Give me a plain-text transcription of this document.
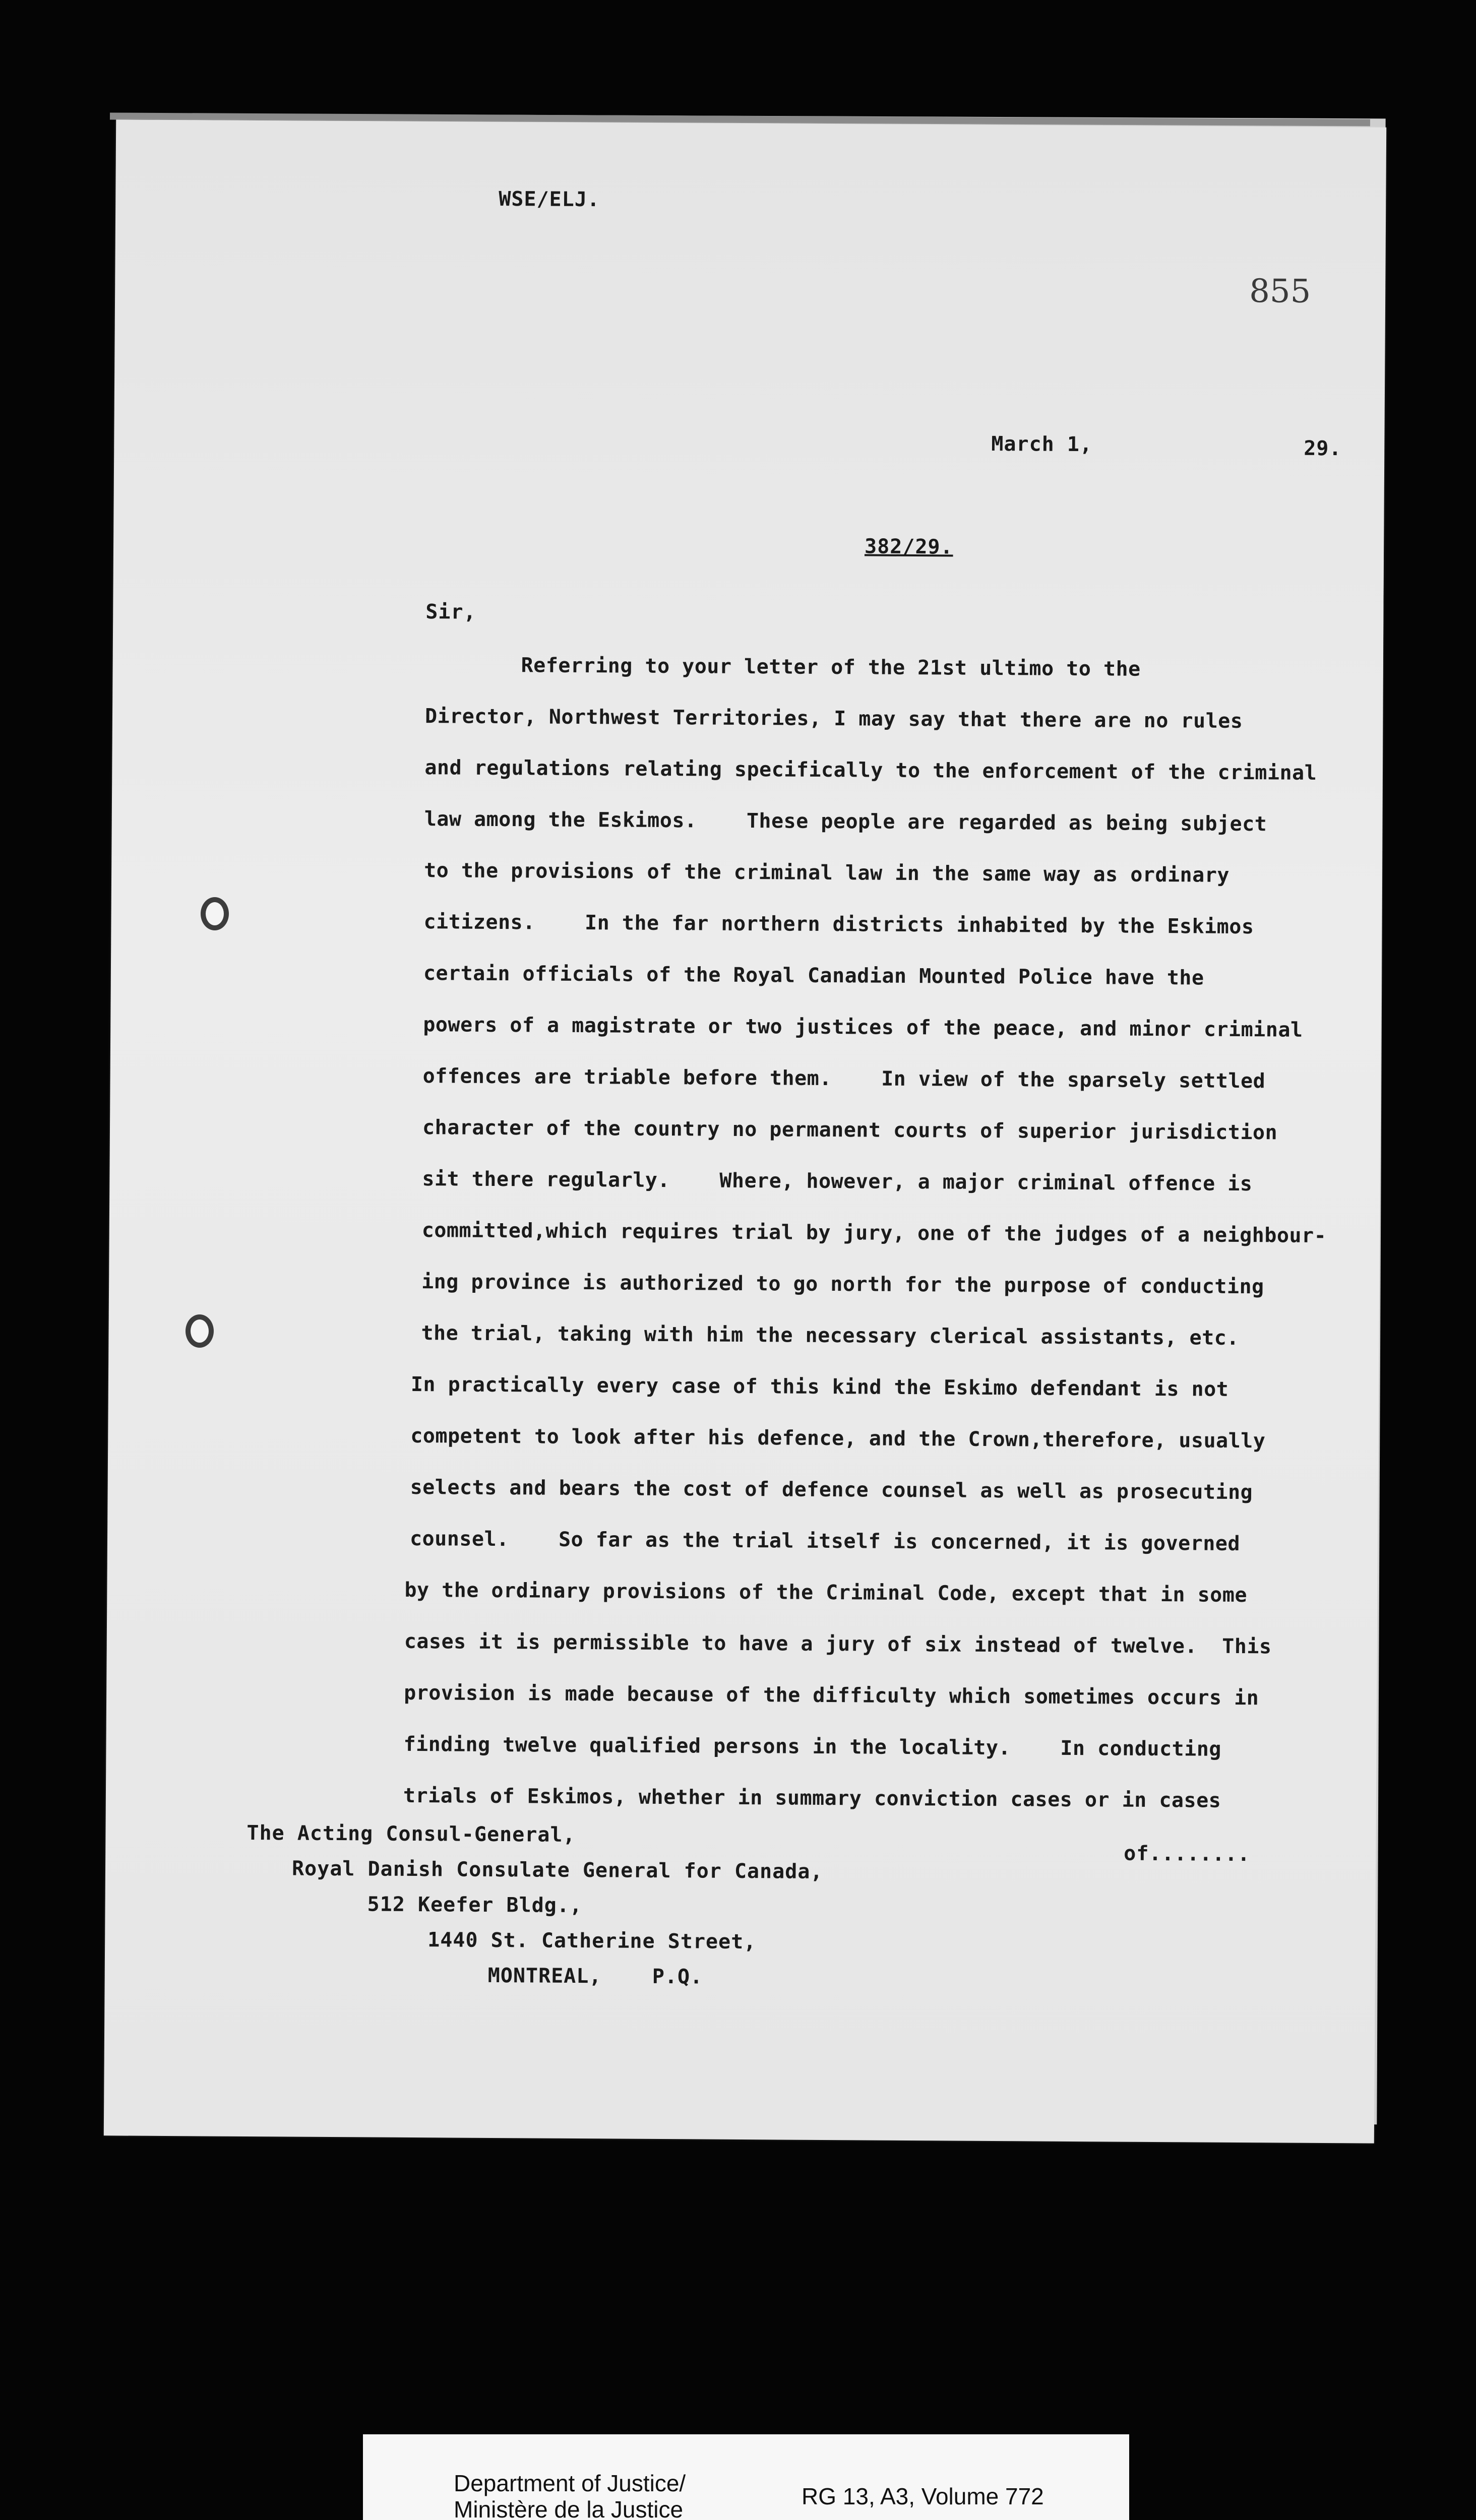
WSE/ELJ.
855
March 1,	29.
382/29.
Sir,
Referring to your letter of the 21st ultimo to the
Director, Northwest Territories, I may say that there are no rules
and regulations relating specifically to the enforcement of the criminal
law among the Eskimos.    These people are regarded as being subject
to the provisions of the criminal law in the same way as ordinary
citizens.    In the far northern districts inhabited by the Eskimos
certain officials of the Royal Canadian Mounted Police have the
powers of a magistrate or two justices of the peace, and minor criminal
offences are triable before them.    In view of the sparsely settled
character of the country no permanent courts of superior jurisdiction
sit there regularly.    Where, however, a major criminal offence is
committed,which requires trial by jury, one of the judges of a neighbour-
ing province is authorized to go north for the purpose of conducting
the trial, taking with him the necessary clerical assistants, etc.
In practically every case of this kind the Eskimo defendant is not
competent to look after his defence, and the Crown,therefore, usually
selects and bears the cost of defence counsel as well as prosecuting
counsel.    So far as the trial itself is concerned, it is governed
by the ordinary provisions of the Criminal Code, except that in some
cases it is permissible to have a jury of six instead of twelve.  This
provision is made because of the difficulty which sometimes occurs in
finding twelve qualified persons in the locality.    In conducting
trials of Eskimos, whether in summary conviction cases or in cases
of........
The Acting Consul-General,
Royal Danish Consulate General for Canada,
512 Keefer Bldg.,
1440 St. Catherine Street,
MONTREAL,    P.Q.
Department of Justice/
Ministère de la Justice	RG 13, A3, Volume 772
